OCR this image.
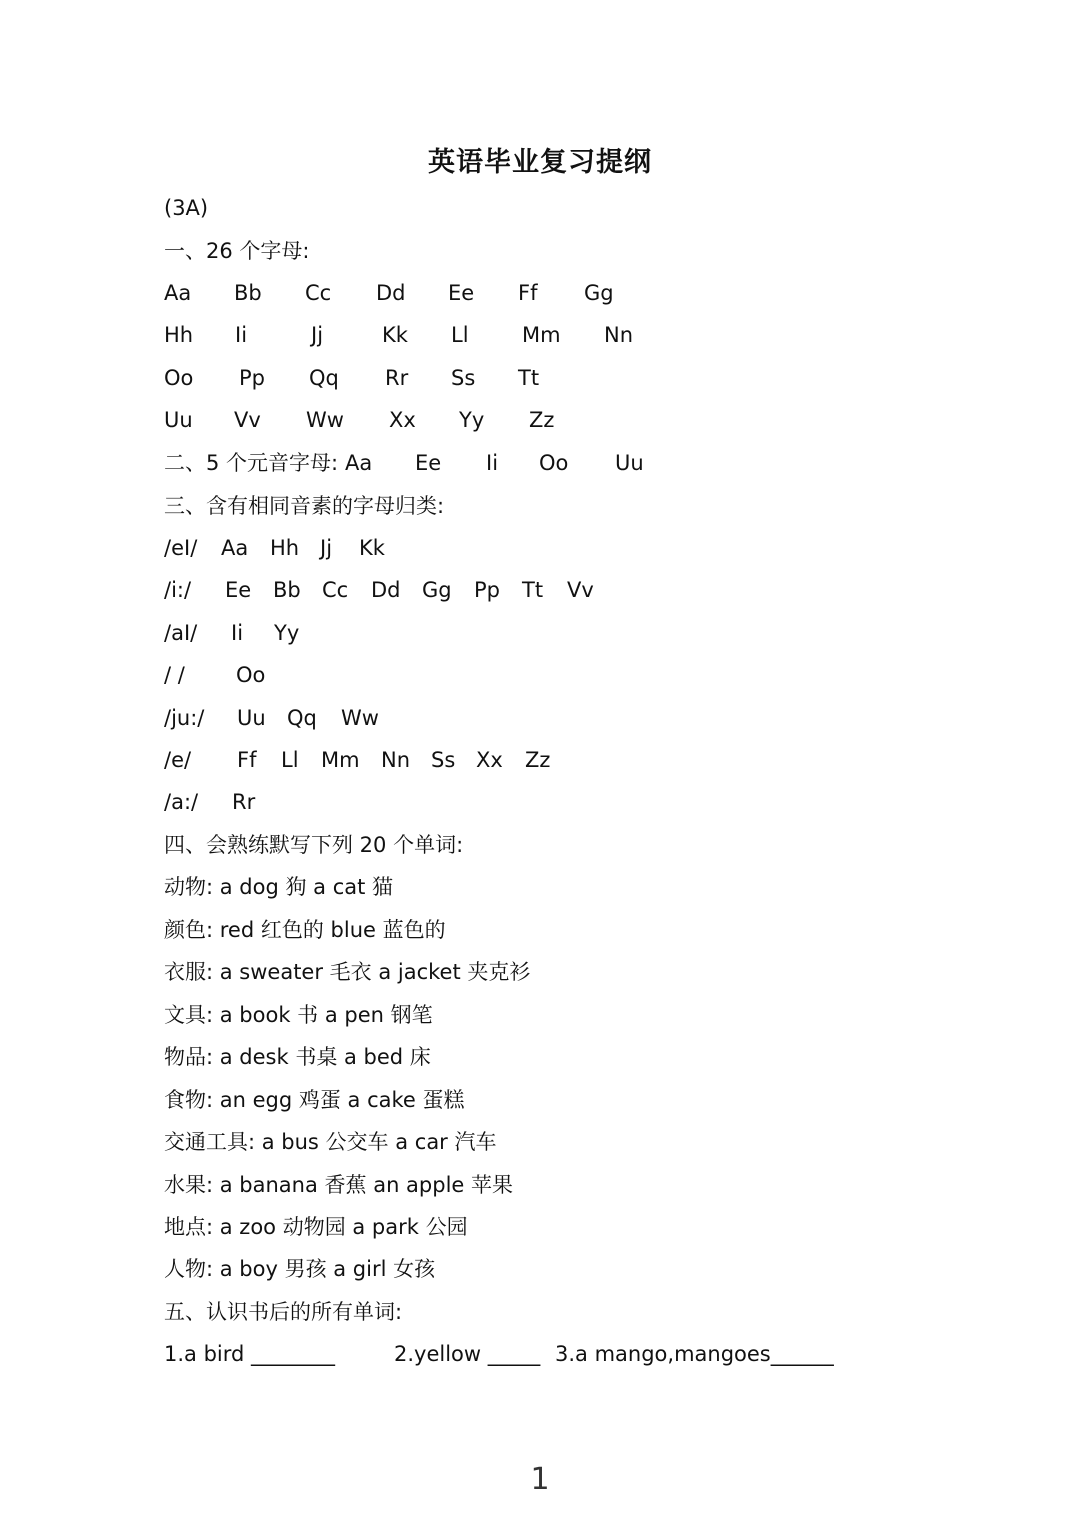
英语毕业复习提纲
(3A)
一、26 个字母:
Aa Bb Cc Dd Ee Ff Gg
Hh Ii	Jj	Kk Ll	Mm Nn
Oo Pp Qq Rr Ss Tt
Uu Vv Ww Xx Yy Zz
二、5 个元音字母: Aa Ee Ii Oo Uu
三、含有相同音素的字母归类:
/eI/ Aa Hh Jj Kk
/i:/ Ee Bb Cc Dd Gg Pp Tt Vv
/aI/ Ii Yy
/ / Oo
/ju:/ Uu Qq Ww
/e/ Ff Ll Mm Nn Ss Xx Zz
/a:/ Rr
四、会熟练默写下列 20 个单词:
动物: a dog 狗 a cat 猫
颜色: red 红色的 blue 蓝色的
衣服: a sweater 毛衣 a jacket 夹克衫
文具: a book 书 a pen 钢笔
物品: a desk 书桌 a bed 床
食物: an egg 鸡蛋 a cake 蛋糕
交通工具: a bus 公交车 a car 汽车
水果: a banana 香蕉 an apple 苹果
地点: a zoo 动物园 a park 公园
人物: a boy 男孩 a girl 女孩
五、认识书后的所有单词:
1.a bird ________	2.yellow _____ 3.a mango,mangoes______
1
